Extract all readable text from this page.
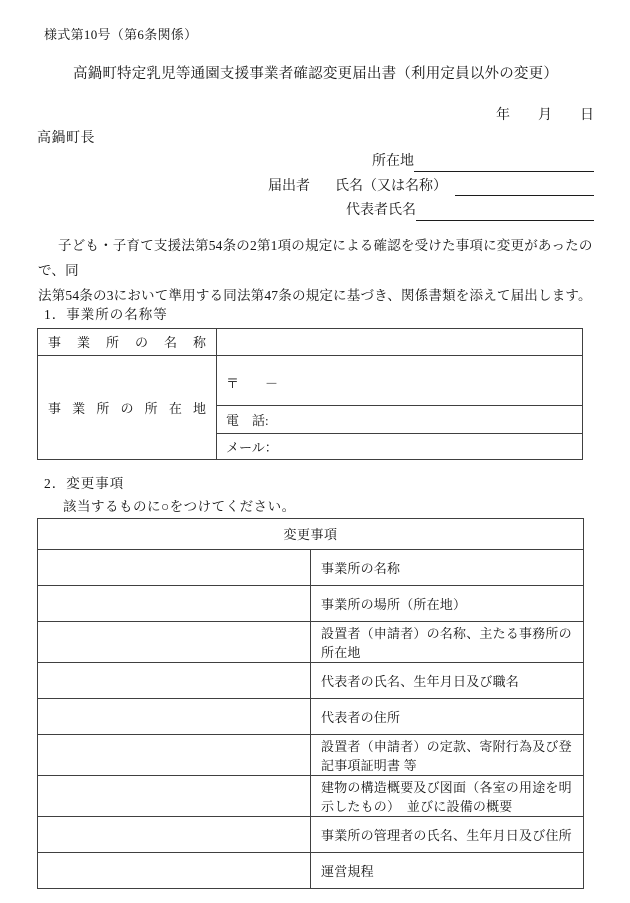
様式第10号（第6条関係）
高鍋町特定乳児等通園支援事業者確認変更届出書（利用定員以外の変更）
年　　月　　日
高鍋町長
所在地
届出者 氏名（又は名称）
代表者氏名
子ども・子育て支援法第54条の2第1項の規定による確認を受けた事項に変更があったので、同
法第54条の3において準用する同法第47条の規定に基づき、関係書類を添えて届出します。
1．事業所の名称等
事業所の名称	
事業所の所在地	〒　　－
	電　話:
	メール：
2．変更事項
該当するものに○をつけてください。
変更事項	
	事業所の名称
	事業所の場所（所在地）
	設置者（申請者）の名称、主たる事務所の所在地
	代表者の氏名、生年月日及び職名
	代表者の住所
	設置者（申請者）の定款、寄附行為及び登記事項証明書 等
	建物の構造概要及び図面（各室の用途を明示したもの）　並びに設備の概要
	事業所の管理者の氏名、生年月日及び住所
	運営規程
